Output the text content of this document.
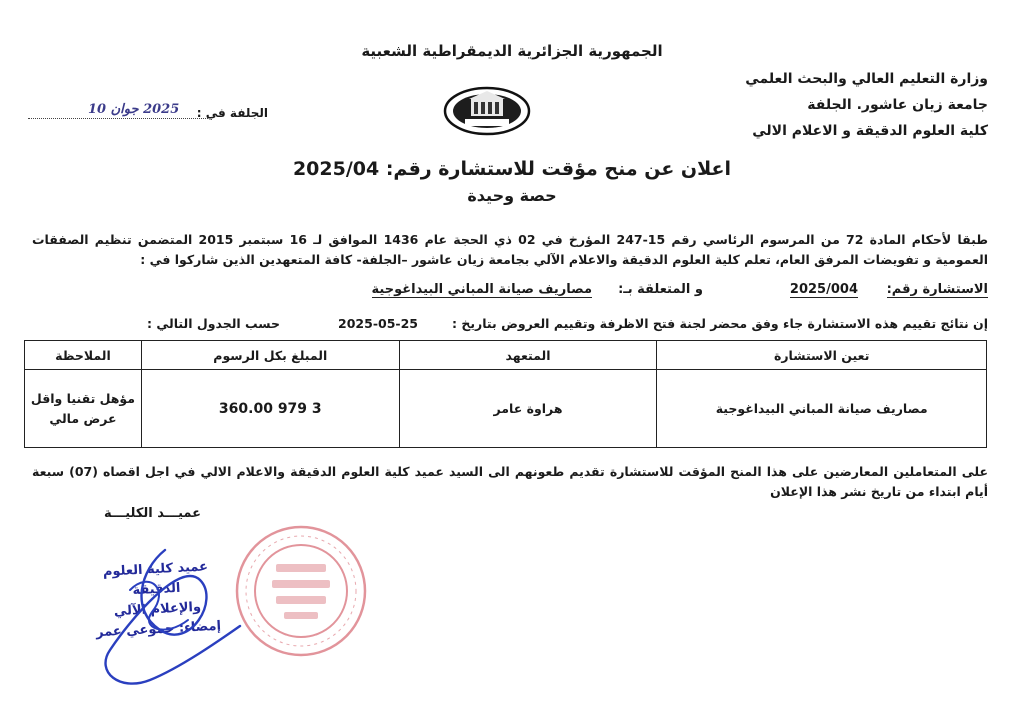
الجمهورية الجزائرية الديمقراطية الشعبية
وزارة التعليم العالي والبحث العلمي
جامعة زيان عاشور. الجلفة
كلية العلوم الدقيقة و الاعلام الالي
الجلفة في :
2025 جوان 10
اعلان عن منح مؤقت للاستشارة رقم: 2025/04
حصة وحيدة
طبقا لأحكام المادة 72 من المرسوم الرئاسي رقم 15-247 المؤرخ في 02 ذي الحجة عام 1436 الموافق لـ 16 سبتمبر 2015 المتضمن تنظيم الصفقات العمومية و تفويضات المرفق العام، تعلم كلية العلوم الدقيقة والاعلام الآلي بجامعة زيان عاشور –الجلفة- كافة المتعهدين الذين شاركوا في :
الاستشارة رقم:
2025/004
و المتعلقة بـ:
مصاريف صيانة المباني البيداغوجية
إن نتائج تقييم هذه الاستشارة جاء وفق محضر لجنة فتح الاظرفة وتقييم العروض بتاريخ :
2025-05-25
حسب الجدول التالي :
تعين الاستشارة	المتعهد	المبلغ بكل الرسوم	الملاحظة
مصاريف صيانة المباني البيداغوجية	هراوة عامر	3 979 360.00	مؤهل تقنيا واقل عرض مالي
على المتعاملين المعارضين على هذا المنح المؤقت للاستشارة تقديم طعونهم الى السيد عميد كلية العلوم الدقيقة والاعلام الالي في اجل اقصاه (07) سبعة أيام ابتداء من تاريخ نشر هذا الإعلان
عميـــد الكليـــة
عميد كلية العلوم الدقيقة
والإعلام الآلي
إمضاء: جموعي عمر
